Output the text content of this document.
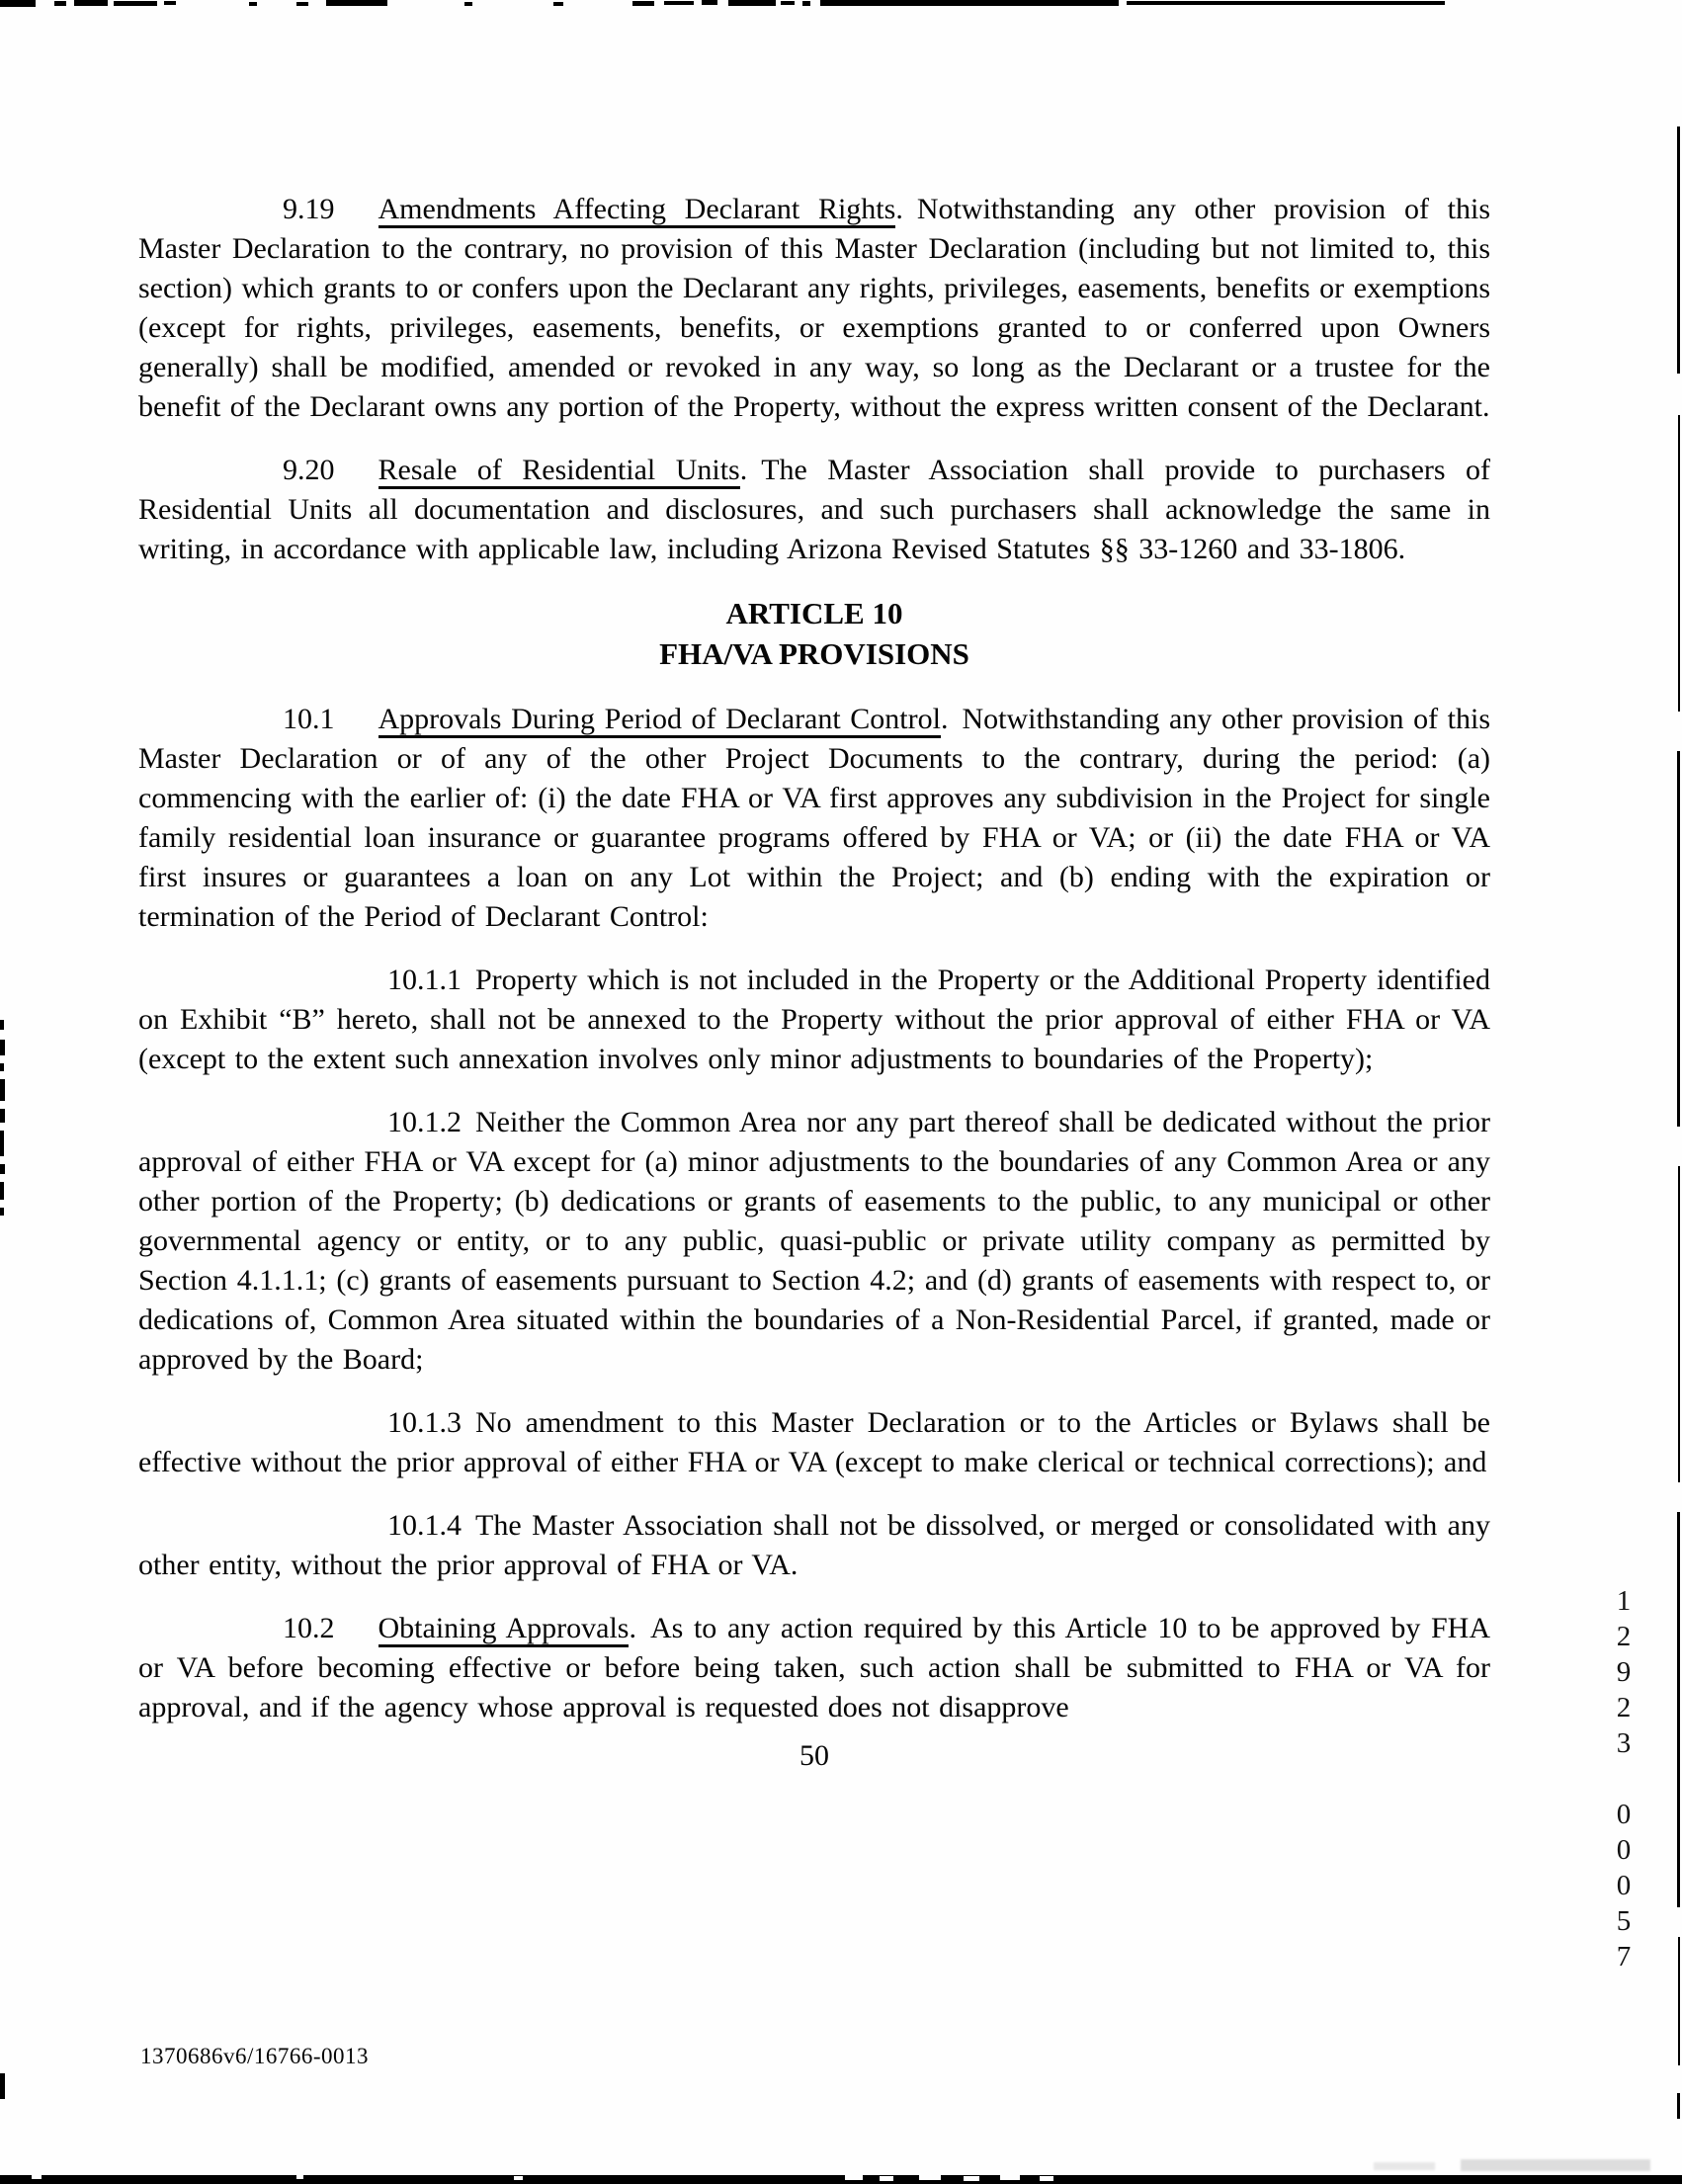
12923 00057

9.19 Amendments Affecting Declarant Rights. Notwithstanding any other provision of this Master Declaration to the contrary, no provision of this Master Declaration (including but not limited to, this section) which grants to or confers upon the Declarant any rights, privileges, easements, benefits or exemptions (except for rights, privileges, easements, benefits, or exemptions granted to or conferred upon Owners generally) shall be modified, amended or revoked in any way, so long as the Declarant or a trustee for the benefit of the Declarant owns any portion of the Property, without the express written consent of the Declarant.

9.20 Resale of Residential Units. The Master Association shall provide to purchasers of Residential Units all documentation and disclosures, and such purchasers shall acknowledge the same in writing, in accordance with applicable law, including Arizona Revised Statutes §§ 33-1260 and 33-1806.

ARTICLE 10
FHA/VA PROVISIONS

10.1 Approvals During Period of Declarant Control. Notwithstanding any other provision of this Master Declaration or of any of the other Project Documents to the contrary, during the period: (a) commencing with the earlier of: (i) the date FHA or VA first approves any subdivision in the Project for single family residential loan insurance or guarantee programs offered by FHA or VA; or (ii) the date FHA or VA first insures or guarantees a loan on any Lot within the Project; and (b) ending with the expiration or termination of the Period of Declarant Control:

10.1.1 Property which is not included in the Property or the Additional Property identified on Exhibit “B” hereto, shall not be annexed to the Property without the prior approval of either FHA or VA (except to the extent such annexation involves only minor adjustments to boundaries of the Property);

10.1.2 Neither the Common Area nor any part thereof shall be dedicated without the prior approval of either FHA or VA except for (a) minor adjustments to the boundaries of any Common Area or any other portion of the Property; (b) dedications or grants of easements to the public, to any municipal or other governmental agency or entity, or to any public, quasi-public or private utility company as permitted by Section 4.1.1.1; (c) grants of easements pursuant to Section 4.2; and (d) grants of easements with respect to, or dedications of, Common Area situated within the boundaries of a Non-Residential Parcel, if granted, made or approved by the Board;

10.1.3 No amendment to this Master Declaration or to the Articles or Bylaws shall be effective without the prior approval of either FHA or VA (except to make clerical or technical corrections); and

10.1.4 The Master Association shall not be dissolved, or merged or consolidated with any other entity, without the prior approval of FHA or VA.

10.2 Obtaining Approvals. As to any action required by this Article 10 to be approved by FHA or VA before becoming effective or before being taken, such action shall be submitted to FHA or VA for approval, and if the agency whose approval is requested does not disapprove

50
1370686v6/16766-0013
